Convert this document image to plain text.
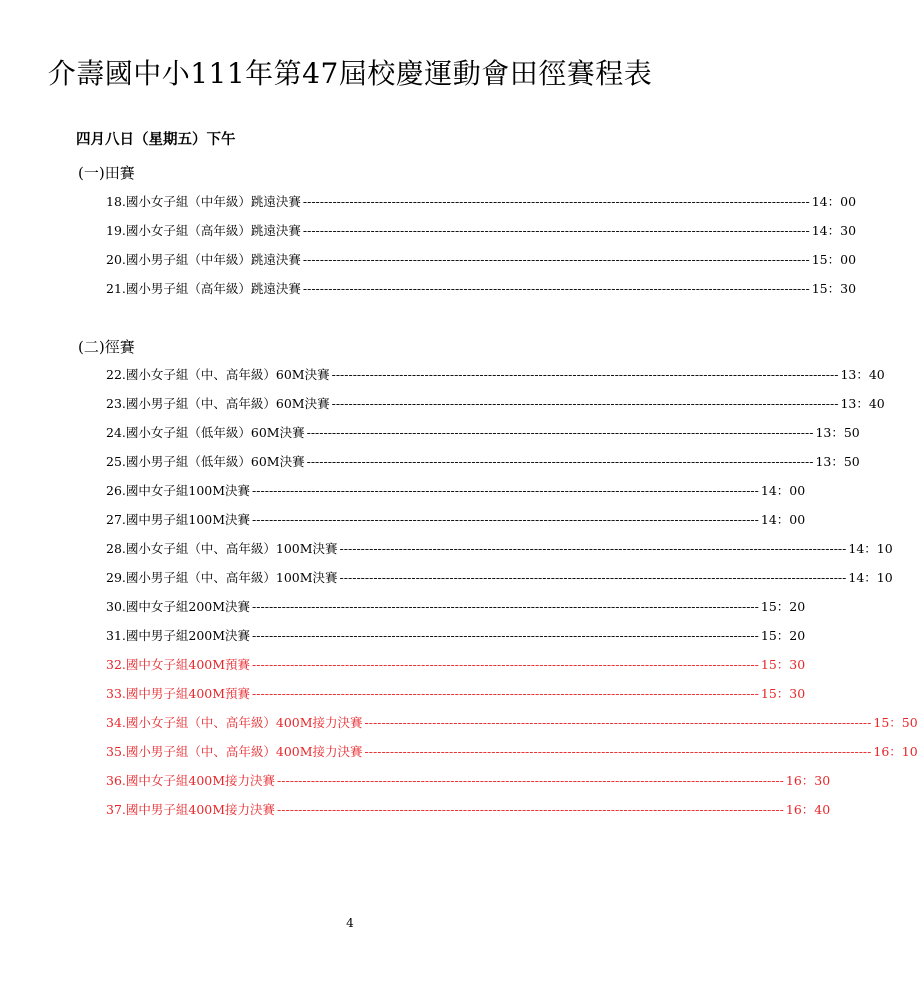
介壽國中小111年第47屆校慶運動會田徑賽程表
四月八日（星期五）下午
(一)田賽
18.國小女子組（中年級）跳遠決賽 ------------------------------------------------------------------------------------------------------------------------ 14：00
19.國小女子組（高年級）跳遠決賽 ------------------------------------------------------------------------------------------------------------------------ 14：30
20.國小男子組（中年級）跳遠決賽 ------------------------------------------------------------------------------------------------------------------------ 15：00
21.國小男子組（高年級）跳遠決賽 ------------------------------------------------------------------------------------------------------------------------ 15：30
(二)徑賽
22.國小女子組（中、高年級）60M決賽 ------------------------------------------------------------------------------------------------------------------------ 13：40
23.國小男子組（中、高年級）60M決賽 ------------------------------------------------------------------------------------------------------------------------ 13：40
24.國小女子組（低年級）60M決賽 ------------------------------------------------------------------------------------------------------------------------ 13：50
25.國小男子組（低年級）60M決賽 ------------------------------------------------------------------------------------------------------------------------ 13：50
26.國中女子組100M決賽 ------------------------------------------------------------------------------------------------------------------------ 14：00
27.國中男子組100M決賽 ------------------------------------------------------------------------------------------------------------------------ 14：00
28.國小女子組（中、高年級）100M決賽 ------------------------------------------------------------------------------------------------------------------------ 14：10
29.國小男子組（中、高年級）100M決賽 ------------------------------------------------------------------------------------------------------------------------ 14：10
30.國中女子組200M決賽 ------------------------------------------------------------------------------------------------------------------------ 15：20
31.國中男子組200M決賽 ------------------------------------------------------------------------------------------------------------------------ 15：20
32.國中女子組400M預賽 ------------------------------------------------------------------------------------------------------------------------ 15：30
33.國中男子組400M預賽 ------------------------------------------------------------------------------------------------------------------------ 15：30
34.國小女子組（中、高年級）400M接力決賽 ------------------------------------------------------------------------------------------------------------------------ 15：50
35.國小男子組（中、高年級）400M接力決賽 ------------------------------------------------------------------------------------------------------------------------ 16：10
36.國中女子組400M接力決賽 ------------------------------------------------------------------------------------------------------------------------ 16：30
37.國中男子組400M接力決賽 ------------------------------------------------------------------------------------------------------------------------ 16：40
4
